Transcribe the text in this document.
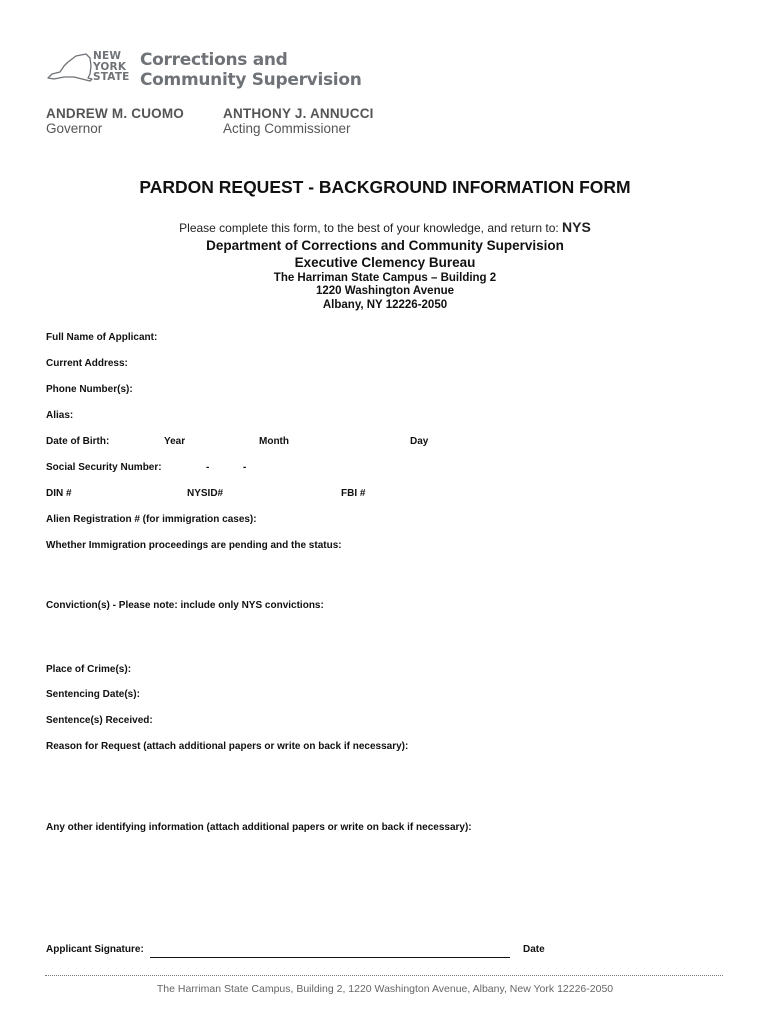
NEW
YORK
STATE
Corrections and
Community Supervision
ANDREW M. CUOMO
Governor
ANTHONY J. ANNUCCI
Acting Commissioner
PARDON REQUEST - BACKGROUND INFORMATION FORM
Please complete this form, to the best of your knowledge, and return to: NYS
Department of Corrections and Community Supervision
Executive Clemency Bureau
The Harriman State Campus – Building 2
1220 Washington Avenue
Albany, NY 12226-2050
Full Name of Applicant:
Current Address:
Phone Number(s):
Alias:
Date of Birth:	Year	Month	Day
Social Security Number:	-	-
DIN #	NYSID#	FBI #
Alien Registration # (for immigration cases):
Whether Immigration proceedings are pending and the status:
Conviction(s) - Please note: include only NYS convictions:
Place of Crime(s):
Sentencing Date(s):
Sentence(s) Received:
Reason for Request (attach additional papers or write on back if necessary):
Any other identifying information (attach additional papers or write on back if necessary):
Applicant Signature:	Date
The Harriman State Campus, Building 2, 1220 Washington Avenue, Albany, New York 12226-2050
